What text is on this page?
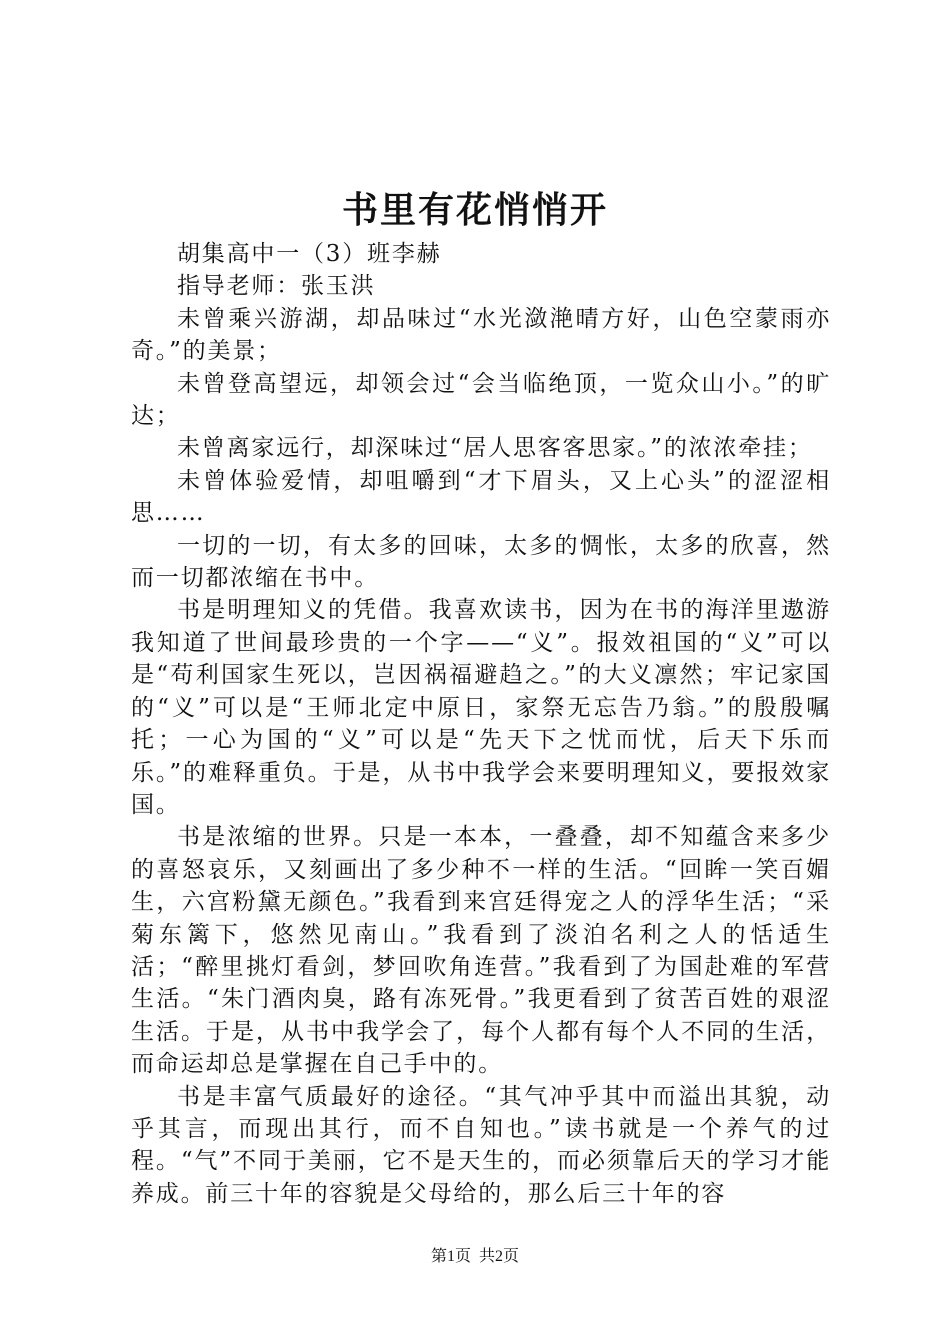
书里有花悄悄开

胡集高中一（3）班李赫

指导老师：张玉洪

未曾乘兴游湖，却品味过“水光潋滟晴方好，山色空蒙雨亦奇。”的美景；

未曾登高望远，却领会过“会当临绝顶，一览众山小。”的旷达；

未曾离家远行，却深味过“居人思客客思家。”的浓浓牵挂；

未曾体验爱情，却咀嚼到“才下眉头，又上心头”的涩涩相思……

一切的一切，有太多的回味，太多的惆怅，太多的欣喜，然而一切都浓缩在书中。

书是明理知义的凭借。我喜欢读书，因为在书的海洋里遨游我知道了世间最珍贵的一个字——“义”。报效祖国的“义”可以是“苟利国家生死以，岂因祸福避趋之。”的大义凛然；牢记家国的“义”可以是“王师北定中原日，家祭无忘告乃翁。”的殷殷嘱托；一心为国的“义”可以是“先天下之忧而忧，后天下乐而乐。”的难释重负。于是，从书中我学会来要明理知义，要报效家国。

书是浓缩的世界。只是一本本，一叠叠，却不知蕴含来多少的喜怒哀乐，又刻画出了多少种不一样的生活。“回眸一笑百媚生，六宫粉黛无颜色。”我看到来宫廷得宠之人的浮华生活；“采菊东篱下，悠然见南山。”我看到了淡泊名利之人的恬适生活；“醉里挑灯看剑，梦回吹角连营。”我看到了为国赴难的军营生活。“朱门酒肉臭，路有冻死骨。”我更看到了贫苦百姓的艰涩生活。于是，从书中我学会了，每个人都有每个人不同的生活，而命运却总是掌握在自己手中的。

书是丰富气质最好的途径。“其气冲乎其中而溢出其貌，动乎其言，而现出其行，而不自知也。”读书就是一个养气的过程。“气”不同于美丽，它不是天生的，而必须靠后天的学习才能养成。前三十年的容貌是父母给的，那么后三十年的容

第1页 共2页
